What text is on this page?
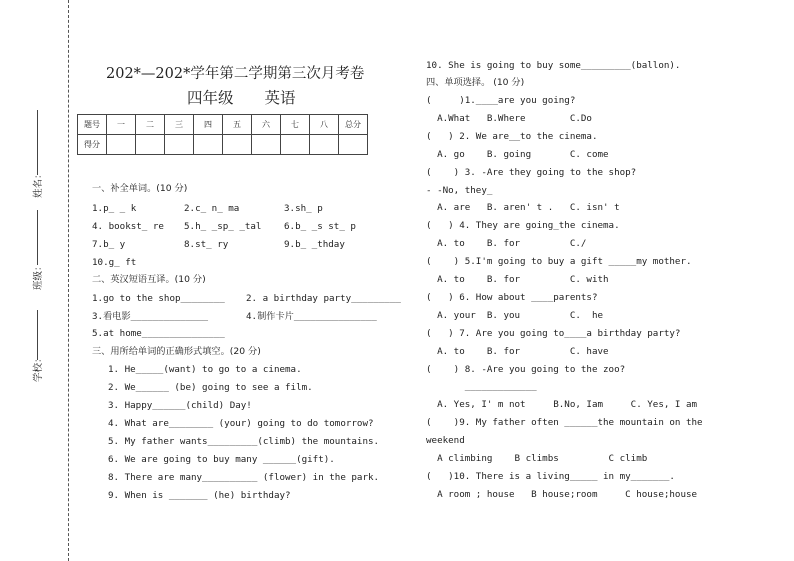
姓名：
班级：
学校：
202*—202*学年第二学期第三次月考卷
四年级　　英语
题号	一	二	三	四	五	六	七	八	总分
得分									
一、补全单词。(10 分)
1.p_ _ k	2.c_ n_ ma	3.sh_ p
4. bookst_ re 5.h_ _sp_ _tal 6.b_ _s st_ p
7.b_ y	8.st_ ry	9.b_ _thday
10.g_ ft
二、英汉短语互译。(10 分)
1.go to the shop________ 2. a birthday party_________
3.看电影______________	4.制作卡片_______________
5.at home_______________
三、用所给单词的正确形式填空。(20 分)
1. He_____(want) to go to a cinema.
2. We______ (be) going to see a film.
3. Happy______(child) Day!
4. What are________ (your) going to do tomorrow?
5. My father wants_________(climb) the mountains.
6. We are going to buy many ______(gift).
8. There are many__________ (flower) in the park.
9. When is _______ (he) birthday?
10. She is going to buy some_________(ballon).
四、单项选择。 (10 分)
(     )1.____are you going?
A.What   B.Where        C.Do
(   ) 2. We are__to the cinema.
A. go    B. going       C. come
(    ) 3. -Are they going to the shop?
- -No, they_
A. are   B. aren' t .   C. isn' t
(   ) 4. They are going_the cinema.
A. to    B. for         C./
(    ) 5.I'm going to buy a gift _____my mother.
A. to    B. for         C. with
(   ) 6. How about ____parents?
A. your  B. you         C.  he
(   ) 7. Are you going to____a birthday party?
A. to    B. for         C. have
(    ) 8. -Are you going to the zoo?
_____________
A. Yes, I' m not     B.No, Iam     C. Yes, I am
(    )9. My father often ______the mountain on the
weekend
A climbing    B climbs         C climb
(   )10. There is a living_____ in my_______.
A room ; house   B house;room     C house;house
